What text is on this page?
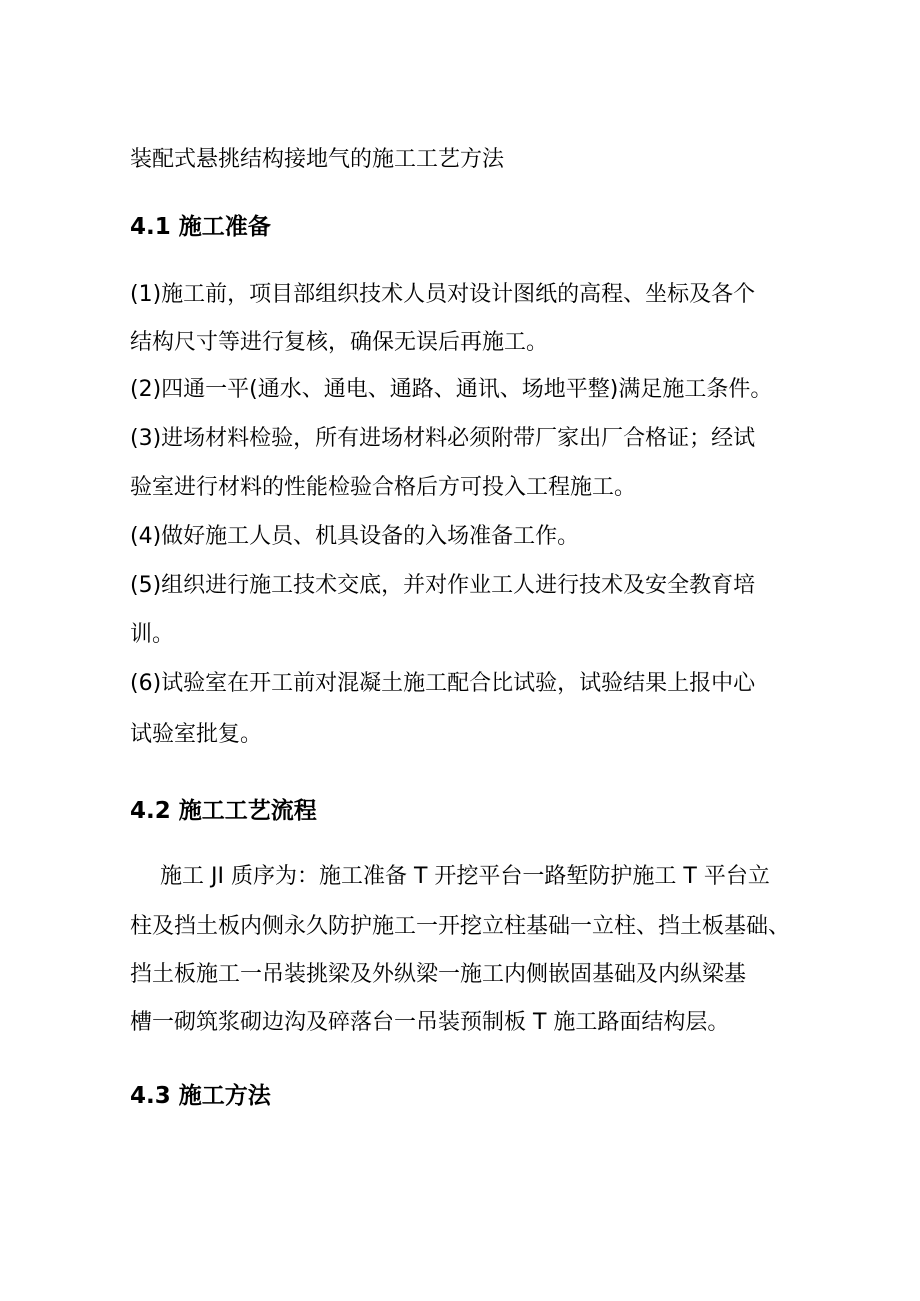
装配式悬挑结构接地气的施工工艺方法
4.1 施工准备
(1)施工前，项目部组织技术人员对设计图纸的高程、坐标及各个
结构尺寸等进行复核，确保无误后再施工。
(2)四通一平(通水、通电、通路、通讯、场地平整)满足施工条件。
(3)进场材料检验，所有进场材料必须附带厂家出厂合格证；经试
验室进行材料的性能检验合格后方可投入工程施工。
(4)做好施工人员、机具设备的入场准备工作。
(5)组织进行施工技术交底，并对作业工人进行技术及安全教育培
训。
(6)试验室在开工前对混凝土施工配合比试验，试验结果上报中心
试验室批复。
4.2 施工工艺流程
施工 JI 质序为：施工准备 T 开挖平台一路堑防护施工 T 平台立
柱及挡土板内侧永久防护施工一开挖立柱基础一立柱、挡土板基础、
挡土板施工一吊装挑梁及外纵梁一施工内侧嵌固基础及内纵梁基
槽一砌筑浆砌边沟及碎落台一吊装预制板 T 施工路面结构层。
4.3 施工方法
